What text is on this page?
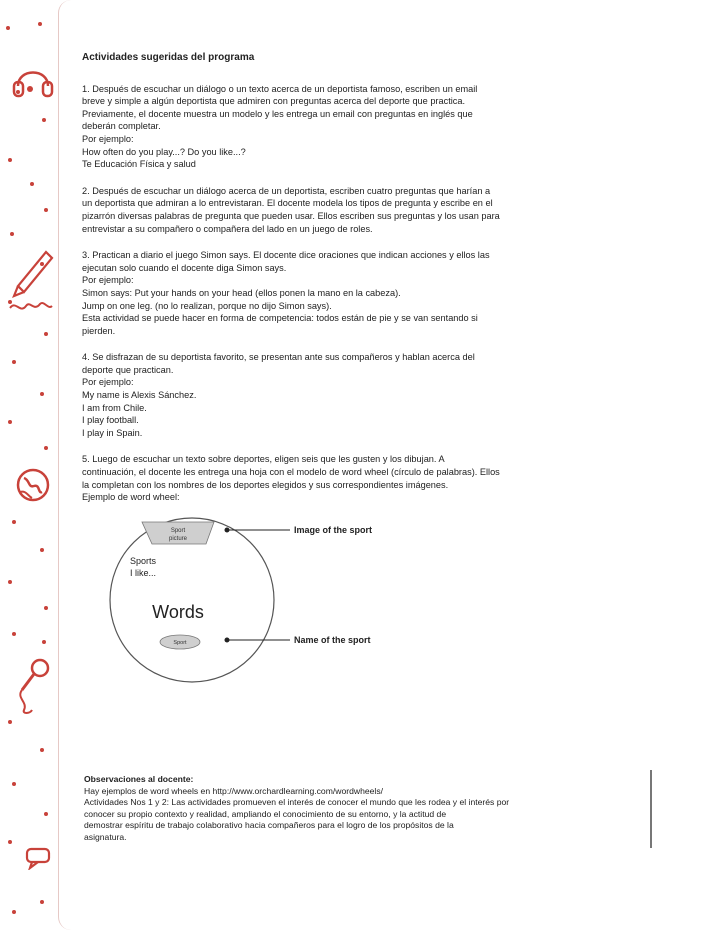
Actividades sugeridas del programa

1. Después de escuchar un diálogo o un texto acerca de un deportista famoso, escriben un email

breve y simple a algún deportista que admiren con preguntas acerca del deporte que practica.

Previamente, el docente muestra un modelo y les entrega un email con preguntas en inglés que

deberán completar.

Por ejemplo:

How often do you play...? Do you like...?

Te Educación Física y salud

2. Después de escuchar un diálogo acerca de un deportista, escriben cuatro preguntas que harían a

un deportista que admiran a lo entrevistaran. El docente modela los tipos de pregunta y escribe en el

pizarrón diversas palabras de pregunta que pueden usar. Ellos escriben sus preguntas y los usan para

entrevistar a su compañero o compañera del lado en un juego de roles.

3. Practican a diario el juego Simon says. El docente dice oraciones que indican acciones y ellos las

ejecutan solo cuando el docente diga Simon says.

Por ejemplo:

Simon says: Put your hands on your head (ellos ponen la mano en la cabeza).

Jump on one leg. (no lo realizan, porque no dijo Simon says).

Esta actividad se puede hacer en forma de competencia: todos están de pie y se van sentando si

pierden.

4. Se disfrazan de su deportista favorito, se presentan ante sus compañeros y hablan acerca del

deporte que practican.

Por ejemplo:

My name is Alexis Sánchez.

I am from Chile.

I play football.

I play in Spain.

5. Luego de escuchar un texto sobre deportes, eligen seis que les gusten y los dibujan. A

continuación, el docente les entrega una hoja con el modelo de word wheel (círculo de palabras). Ellos

la completan con los nombres de los deportes elegidos y sus correspondientes imágenes.

Ejemplo de word wheel:

Sport
picture
Sports
I like...
Words
Sport
Image of the sport
Name of the sport
Observaciones al docente:
Hay ejemplos de word wheels en http://www.orchardlearning.com/wordwheels/
Actividades Nos 1 y 2: Las actividades promueven el interés de conocer el mundo que les rodea y el interés por
conocer su propio contexto y realidad, ampliando el conocimiento de su entorno, y la actitud de
demostrar espíritu de trabajo colaborativo hacia compañeros para el logro de los propósitos de la
asignatura.
